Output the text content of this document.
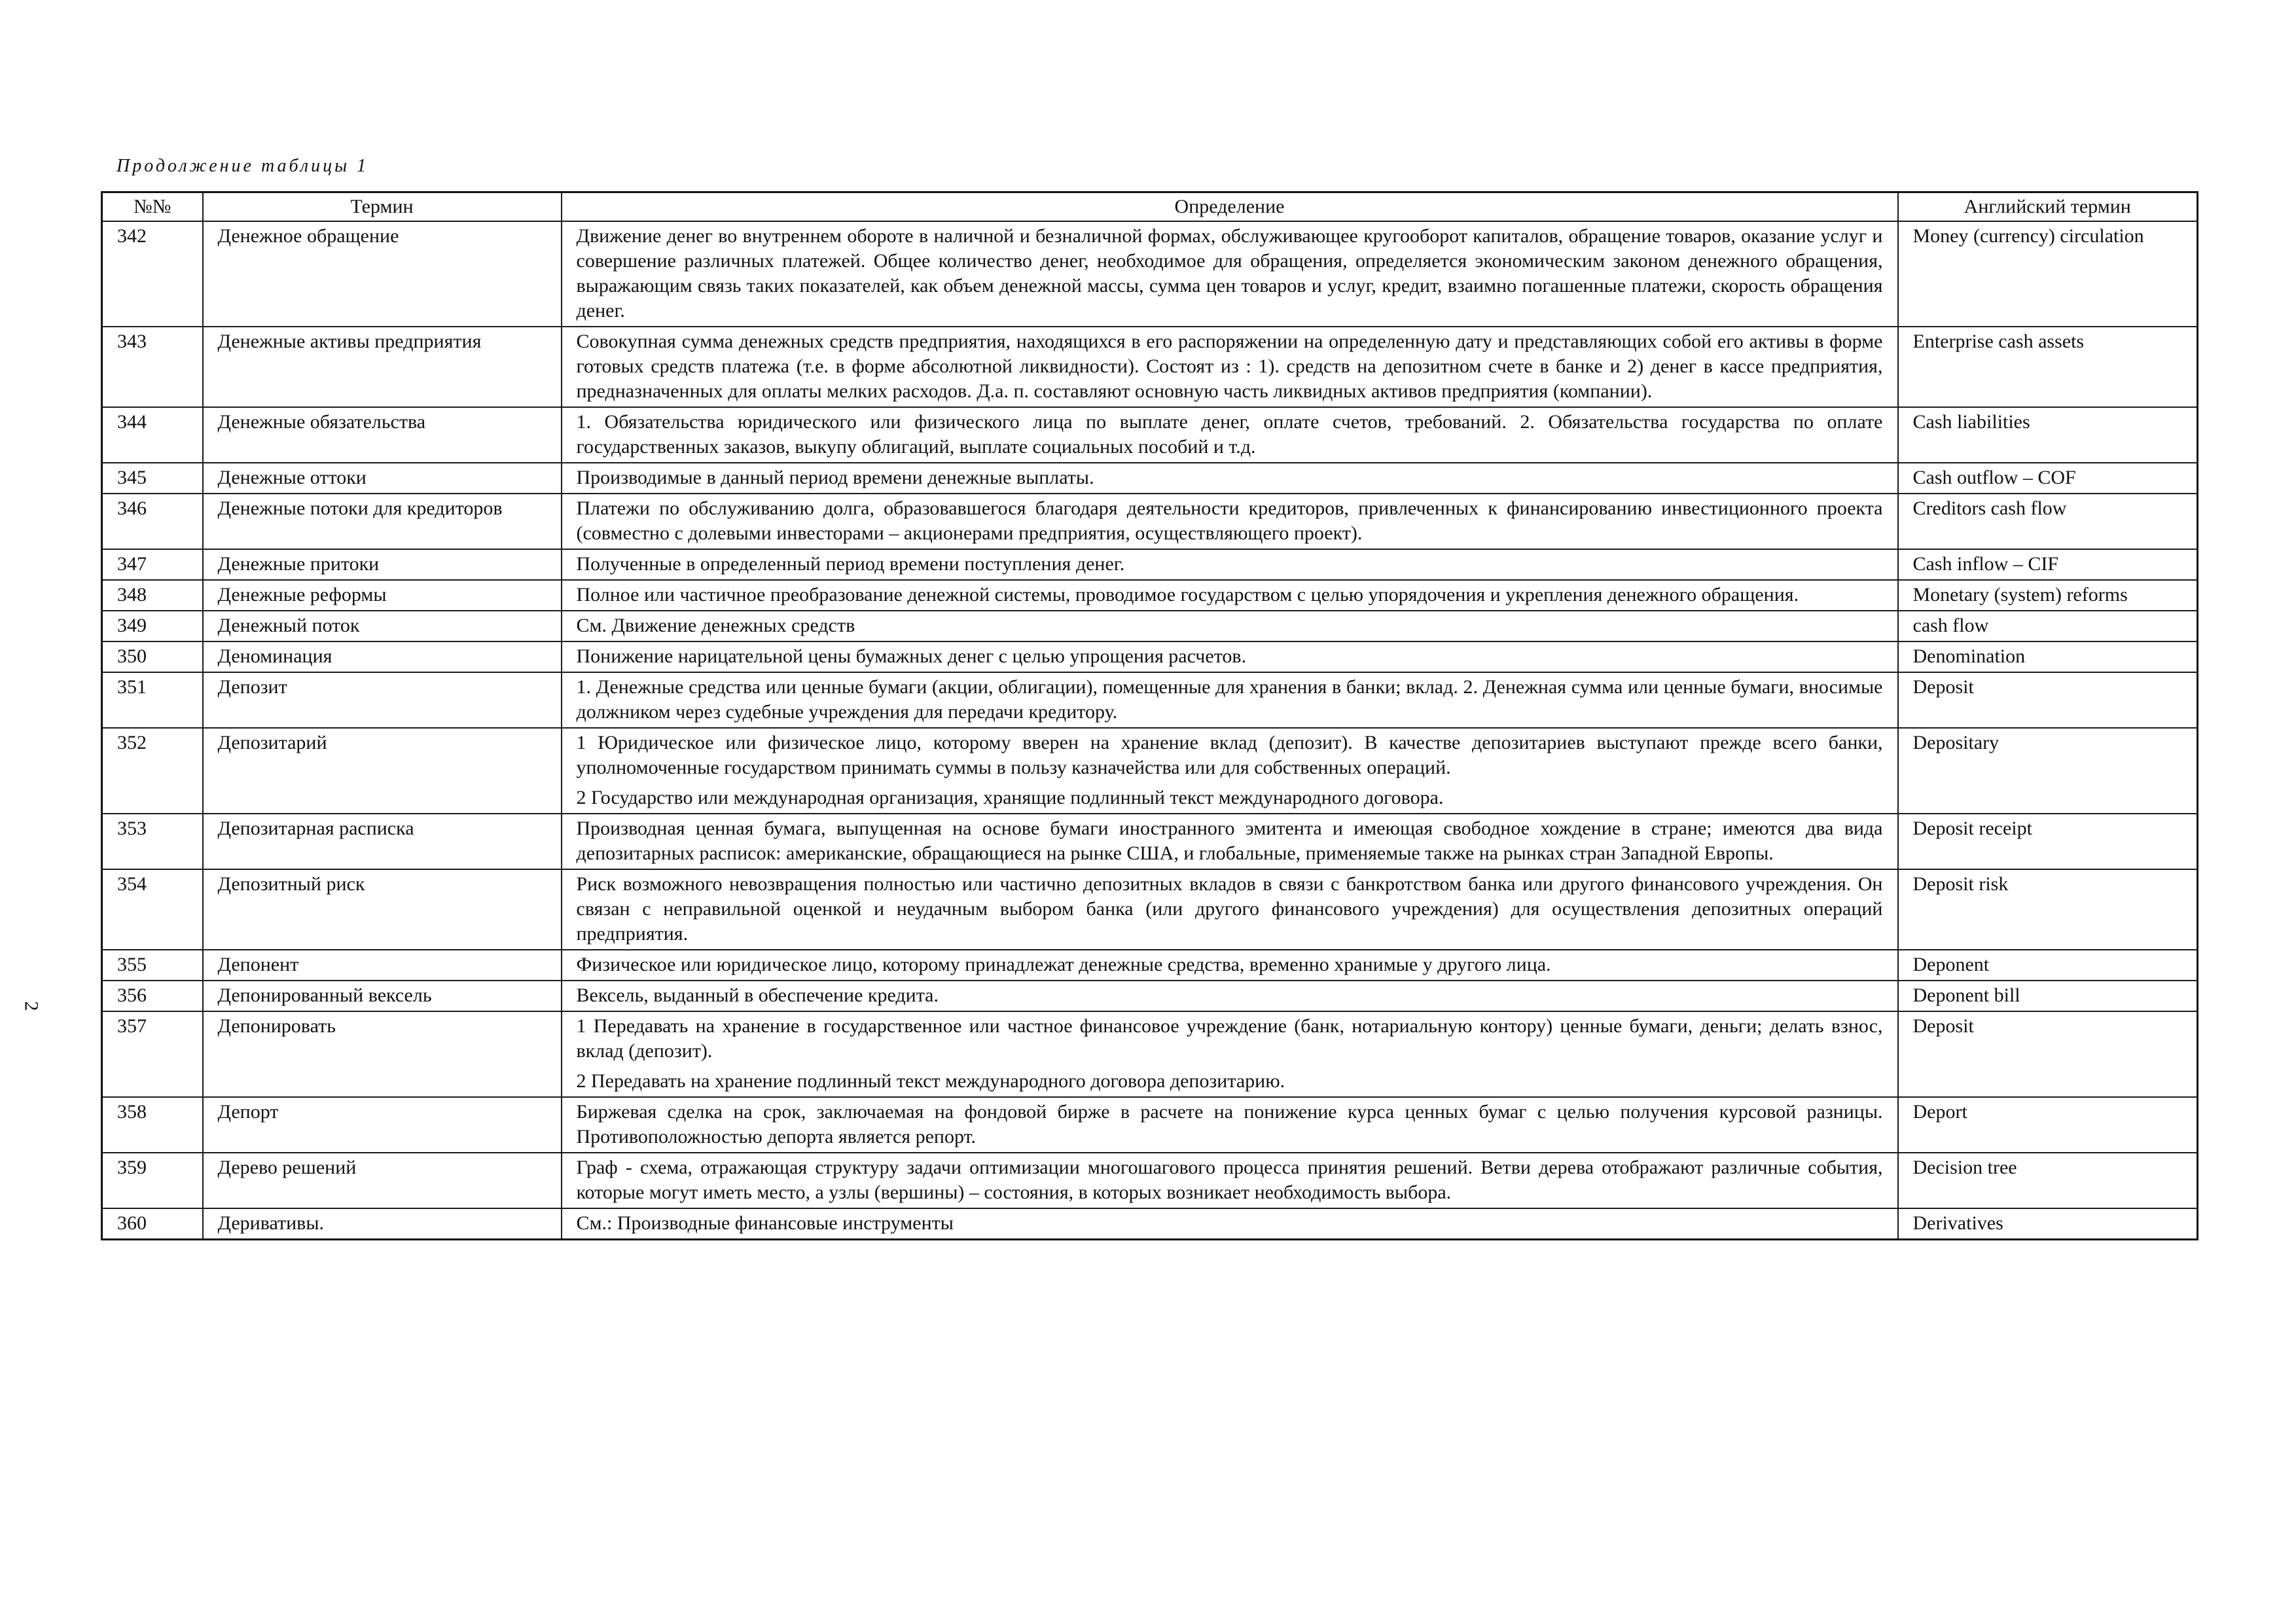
Продолжение таблицы 1
2
№№	Термин	Определение	Английский термин
342	Денежное обращение	Движение денег во внутреннем обороте в наличной и безналичной формах, обслуживающее кругооборот капиталов, обращение товаров, оказание услуг и совершение различных платежей. Общее количество денег, необходимое для обращения, определяется экономическим законом денежного обращения, выражающим связь таких показателей, как объем денежной массы, сумма цен товаров и услуг, кредит, взаимно погашенные платежи, скорость обращения денег.	Money (currency) circulation
343	Денежные активы предприятия	Совокупная сумма денежных средств предприятия, находящихся в его распоряжении на определенную дату и представляющих собой его активы в форме готовых средств платежа (т.е. в форме абсолютной ликвидности). Состоят из : 1). средств на депозитном счете в банке и 2) денег в кассе предприятия, предназначенных для оплаты мелких расходов. Д.а. п. составляют основную часть ликвидных активов предприятия (компании).	Enterprise cash assets
344	Денежные обязательства	1. Обязательства юридического или физического лица по выплате денег, оплате счетов, требований. 2. Обязательства государства по оплате государственных заказов, выкупу облигаций, выплате социальных пособий и т.д.	Cash liabilities
345	Денежные оттоки	Производимые в данный период времени денежные выплаты.	Cash outflow – COF
346	Денежные потоки для кредиторов	Платежи по обслуживанию долга, образовавшегося благодаря деятельности кредиторов, привлеченных к финансированию инвестиционного проекта (совместно с долевыми инвесторами – акционерами предприятия, осуществляющего проект).	Creditors cash flow
347	Денежные притоки	Полученные в определенный период времени поступления денег.	Cash inflow – CIF
348	Денежные реформы	Полное или частичное преобразование денежной системы, проводимое государством с целью упорядочения и укрепления денежного обращения.	Monetary (system) reforms
349	Денежный поток	См. Движение денежных средств	cash flow
350	Деноминация	Понижение нарицательной цены бумажных денег с целью упрощения расчетов.	Denomination
351	Депозит	1. Денежные средства или ценные бумаги (акции, облигации), помещенные для хранения в банки; вклад. 2. Денежная сумма или ценные бумаги, вносимые должником через судебные учреждения для передачи кредитору.	Deposit
352	Депозитарий	1 Юридическое или физическое лицо, которому вверен на хранение вклад (депозит). В качестве депозитариев выступают прежде всего банки, уполномоченные государством принимать суммы в пользу казначейства или для собственных операций.

2 Государство или международная организация, хранящие подлинный текст международного договора.	Depositary
353	Депозитарная расписка	Производная ценная бумага, выпущенная на основе бумаги иностранного эмитента и имеющая свободное хождение в стране; имеются два вида депозитарных расписок: американские, обращающиеся на рынке США, и глобальные, применяемые также на рынках стран Западной Европы.	Deposit receipt
354	Депозитный риск	Риск возможного невозвращения полностью или частично депозитных вкладов в связи с банкротством банка или другого финансового учреждения. Он связан с неправильной оценкой и неудачным выбором банка (или другого финансового учреждения) для осуществления депозитных операций предприятия.	Deposit risk
355	Депонент	Физическое или юридическое лицо, которому принадлежат денежные средства, временно хранимые у другого лица.	Deponent
356	Депонированный вексель	Вексель, выданный в обеспечение кредита.	Deponent bill
357	Депонировать	1 Передавать на хранение в государственное или частное финансовое учреждение (банк, нотариальную контору) ценные бумаги, деньги; делать взнос, вклад (депозит).

2 Передавать на хранение подлинный текст международного договора депозитарию.	Deposit
358	Депорт	Биржевая сделка на срок, заключаемая на фондовой бирже в расчете на понижение курса ценных бумаг с целью получения курсовой разницы. Противоположностью депорта является репорт.	Deport
359	Дерево решений	Граф - схема, отражающая структуру задачи оптимизации многошагового процесса принятия решений. Ветви дерева отображают различные события, которые могут иметь место, а узлы (вершины) – состояния, в которых возникает необходимость выбора.	Decision tree
360	Деривативы.	См.: Производные финансовые инструменты	Derivatives
